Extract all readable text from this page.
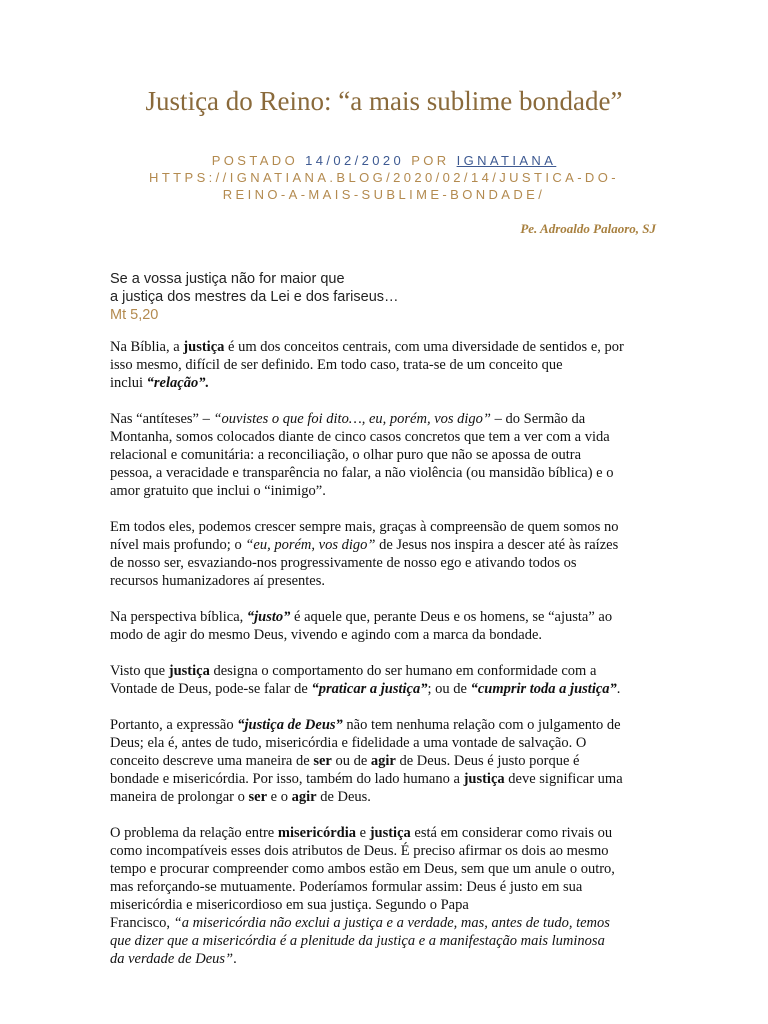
Justiça do Reino: “a mais sublime bondade”
POSTADO 14/02/2020 POR IGNATIANA
HTTPS://IGNATIANA.BLOG/2020/02/14/JUSTICA-DO-
REINO-A-MAIS-SUBLIME-BONDADE/
Pe. Adroaldo Palaoro, SJ
Se a vossa justiça não for maior que
a justiça dos mestres da Lei e dos fariseus…
Mt 5,20

Na Bíblia, a justiça é um dos conceitos centrais, com uma diversidade de sentidos e, por
isso mesmo, difícil de ser definido. Em todo caso, trata-se de um conceito que
inclui “relação”.

Nas “antíteses” – “ouvistes o que foi dito…, eu, porém, vos digo” – do Sermão da
Montanha, somos colocados diante de cinco casos concretos que tem a ver com a vida
relacional e comunitária: a reconciliação, o olhar puro que não se apossa de outra
pessoa, a veracidade e transparência no falar, a não violência (ou mansidão bíblica) e o
amor gratuito que inclui o “inimigo”.

Em todos eles, podemos crescer sempre mais, graças à compreensão de quem somos no
nível mais profundo; o “eu, porém, vos digo” de Jesus nos inspira a descer até às raízes
de nosso ser, esvaziando-nos progressivamente de nosso ego e ativando todos os
recursos humanizadores aí presentes.

Na perspectiva bíblica, “justo” é aquele que, perante Deus e os homens, se “ajusta” ao
modo de agir do mesmo Deus, vivendo e agindo com a marca da bondade.

Visto que justiça designa o comportamento do ser humano em conformidade com a
Vontade de Deus, pode-se falar de “praticar a justiça”; ou de “cumprir toda a justiça”.

Portanto, a expressão “justiça de Deus” não tem nenhuma relação com o julgamento de
Deus; ela é, antes de tudo, misericórdia e fidelidade a uma vontade de salvação. O
conceito descreve uma maneira de ser ou de agir de Deus. Deus é justo porque é
bondade e misericórdia. Por isso, também do lado humano a justiça deve significar uma
maneira de prolongar o ser e o agir de Deus.

O problema da relação entre misericórdia e justiça está em considerar como rivais ou
como incompatíveis esses dois atributos de Deus. É preciso afirmar os dois ao mesmo
tempo e procurar compreender como ambos estão em Deus, sem que um anule o outro,
mas reforçando-se mutuamente. Poderíamos formular assim: Deus é justo em sua
misericórdia e misericordioso em sua justiça. Segundo o Papa
Francisco, “a misericórdia não exclui a justiça e a verdade, mas, antes de tudo, temos
que dizer que a misericórdia é a plenitude da justiça e a manifestação mais luminosa
da verdade de Deus”.
